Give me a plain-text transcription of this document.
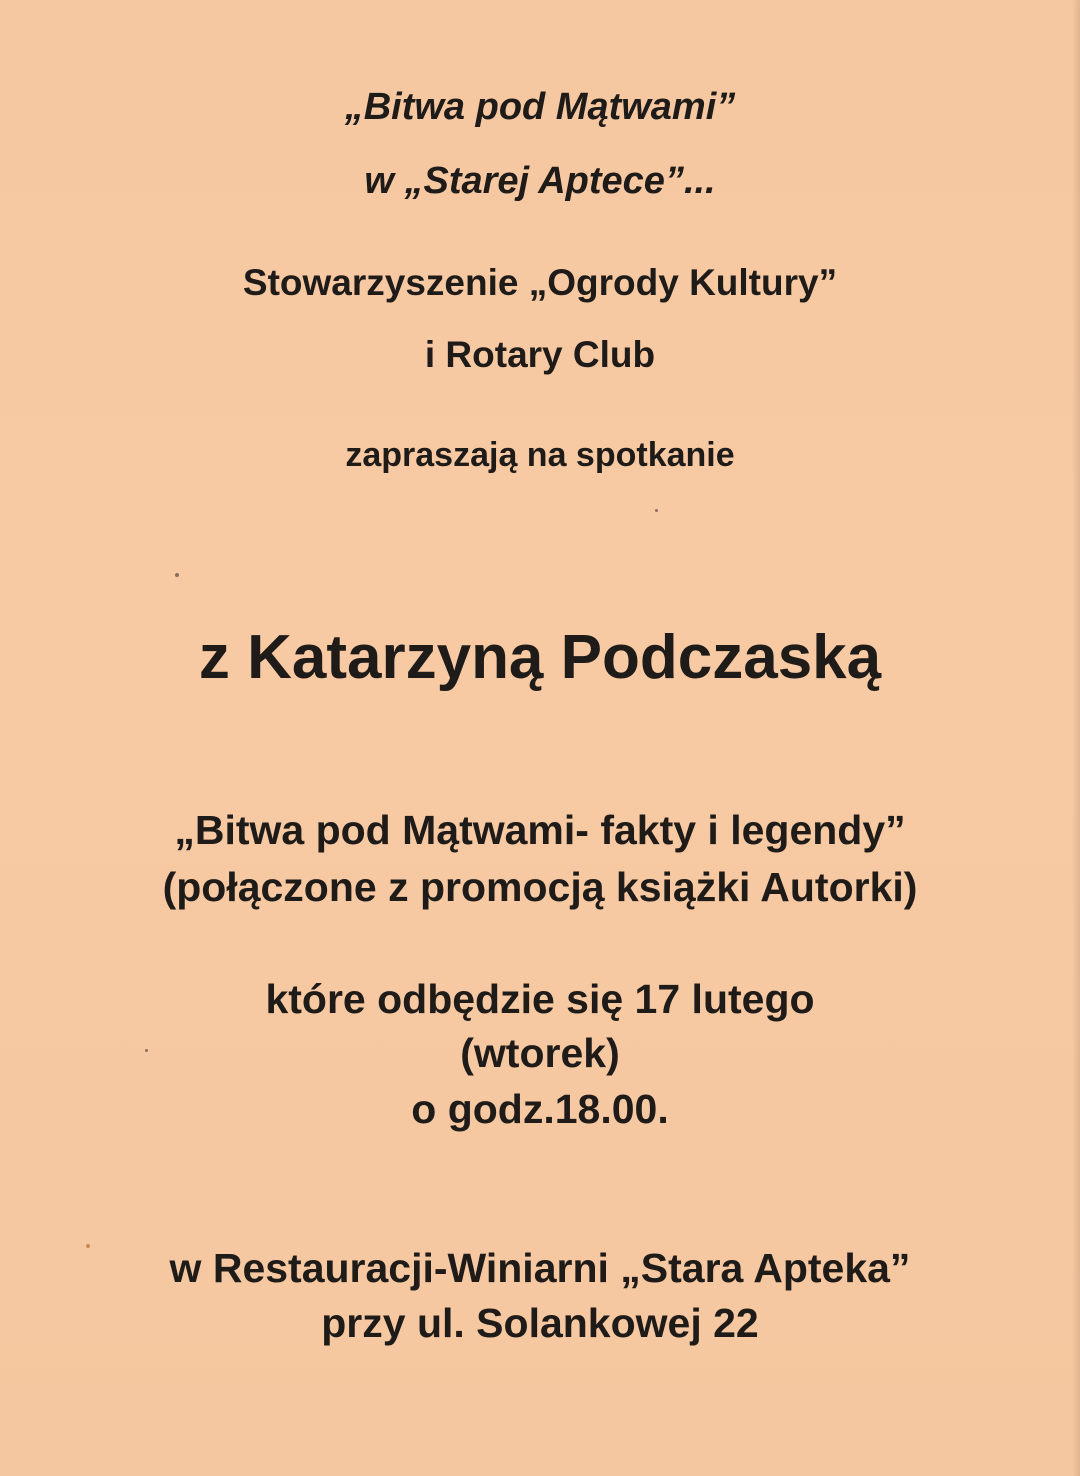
„Bitwa pod Mątwami”
w „Starej Aptece”...
Stowarzyszenie „Ogrody Kultury”
i Rotary Club
zapraszają na spotkanie
z Katarzyną Podczaską
„Bitwa pod Mątwami- fakty i legendy”
(połączone z promocją książki Autorki)
które odbędzie się 17 lutego
(wtorek)
o godz.18.00.
w Restauracji-Winiarni „Stara Apteka”
przy ul. Solankowej 22
